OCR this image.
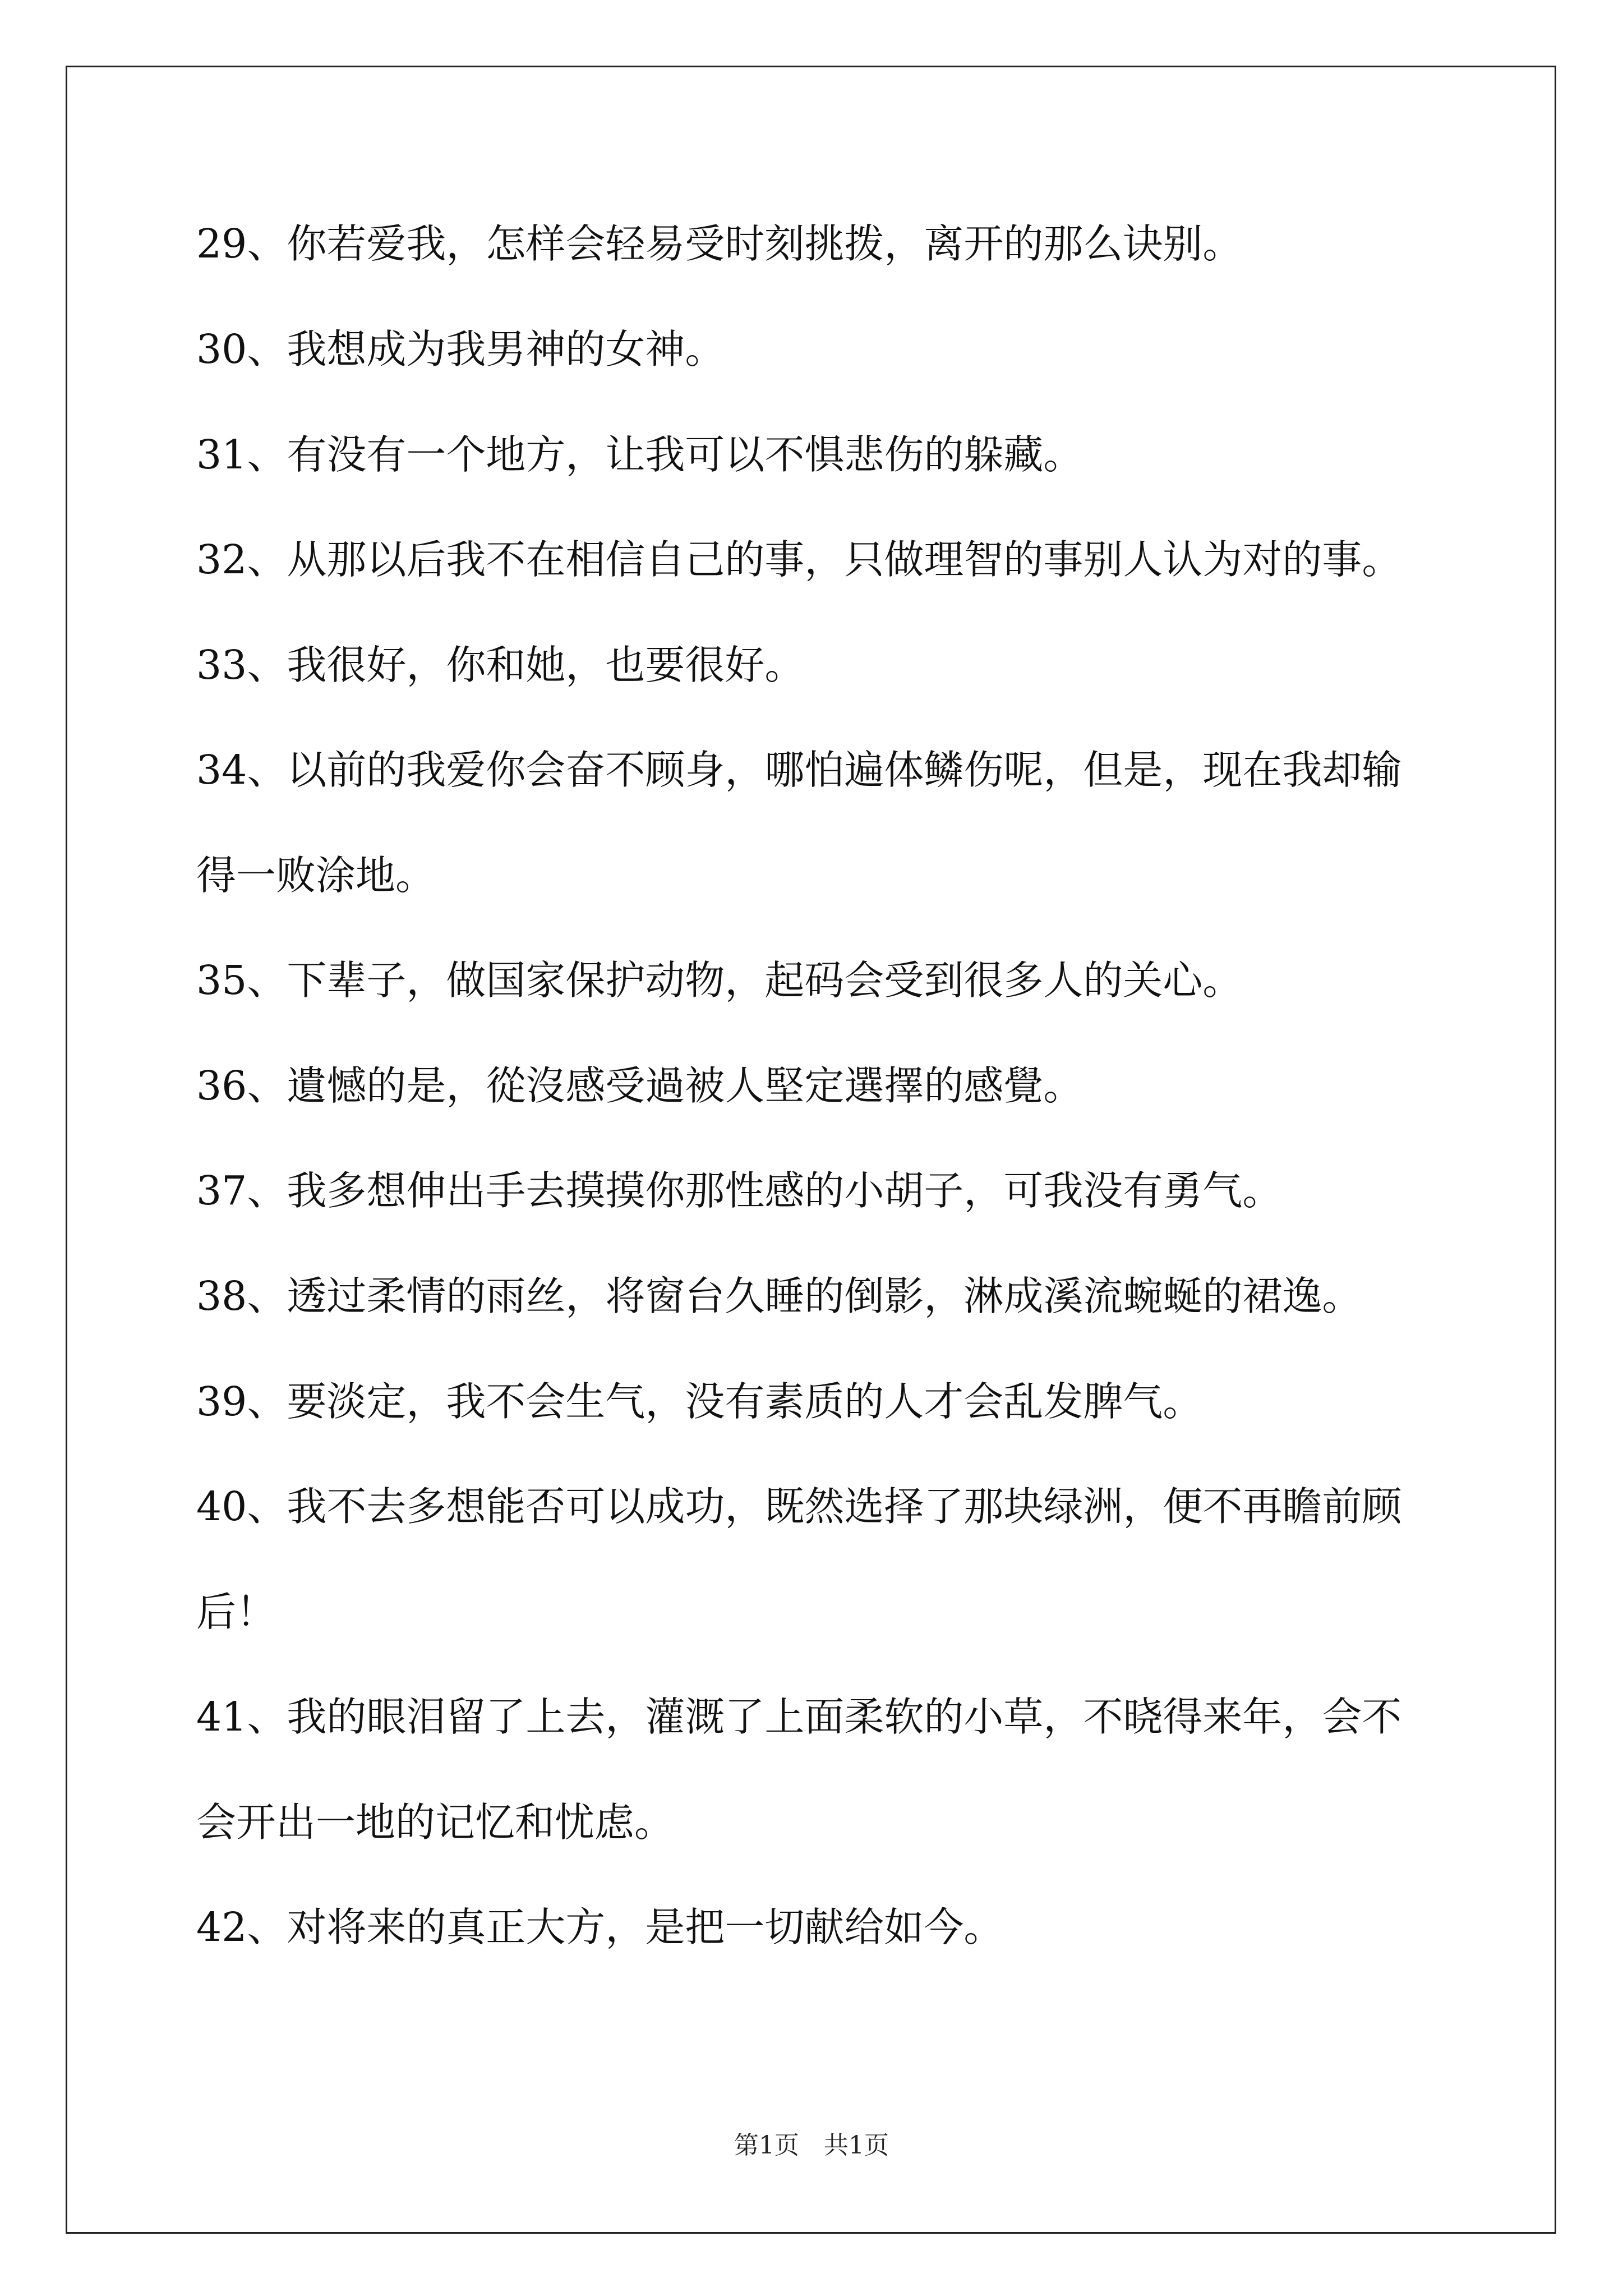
29、你若爱我，怎样会轻易受时刻挑拨，离开的那么诀别。
30、我想成为我男神的女神。
31、有没有一个地方，让我可以不惧悲伤的躲藏。
32、从那以后我不在相信自己的事，只做理智的事别人认为对的事。
33、我很好，你和她，也要很好。
34、以前的我爱你会奋不顾身，哪怕遍体鳞伤呢，但是，现在我却输
得一败涂地。
35、下辈子，做国家保护动物，起码会受到很多人的关心。
36、遺憾的是，從沒感受過被人堅定選擇的感覺。
37、我多想伸出手去摸摸你那性感的小胡子，可我没有勇气。
38、透过柔情的雨丝，将窗台久睡的倒影，淋成溪流蜿蜒的裙逸。
39、要淡定，我不会生气，没有素质的人才会乱发脾气。
40、我不去多想能否可以成功，既然选择了那块绿洲，便不再瞻前顾
后！
41、我的眼泪留了上去，灌溉了上面柔软的小草，不晓得来年，会不
会开出一地的记忆和忧虑。
42、对将来的真正大方，是把一切献给如今。
第1页　共1页
